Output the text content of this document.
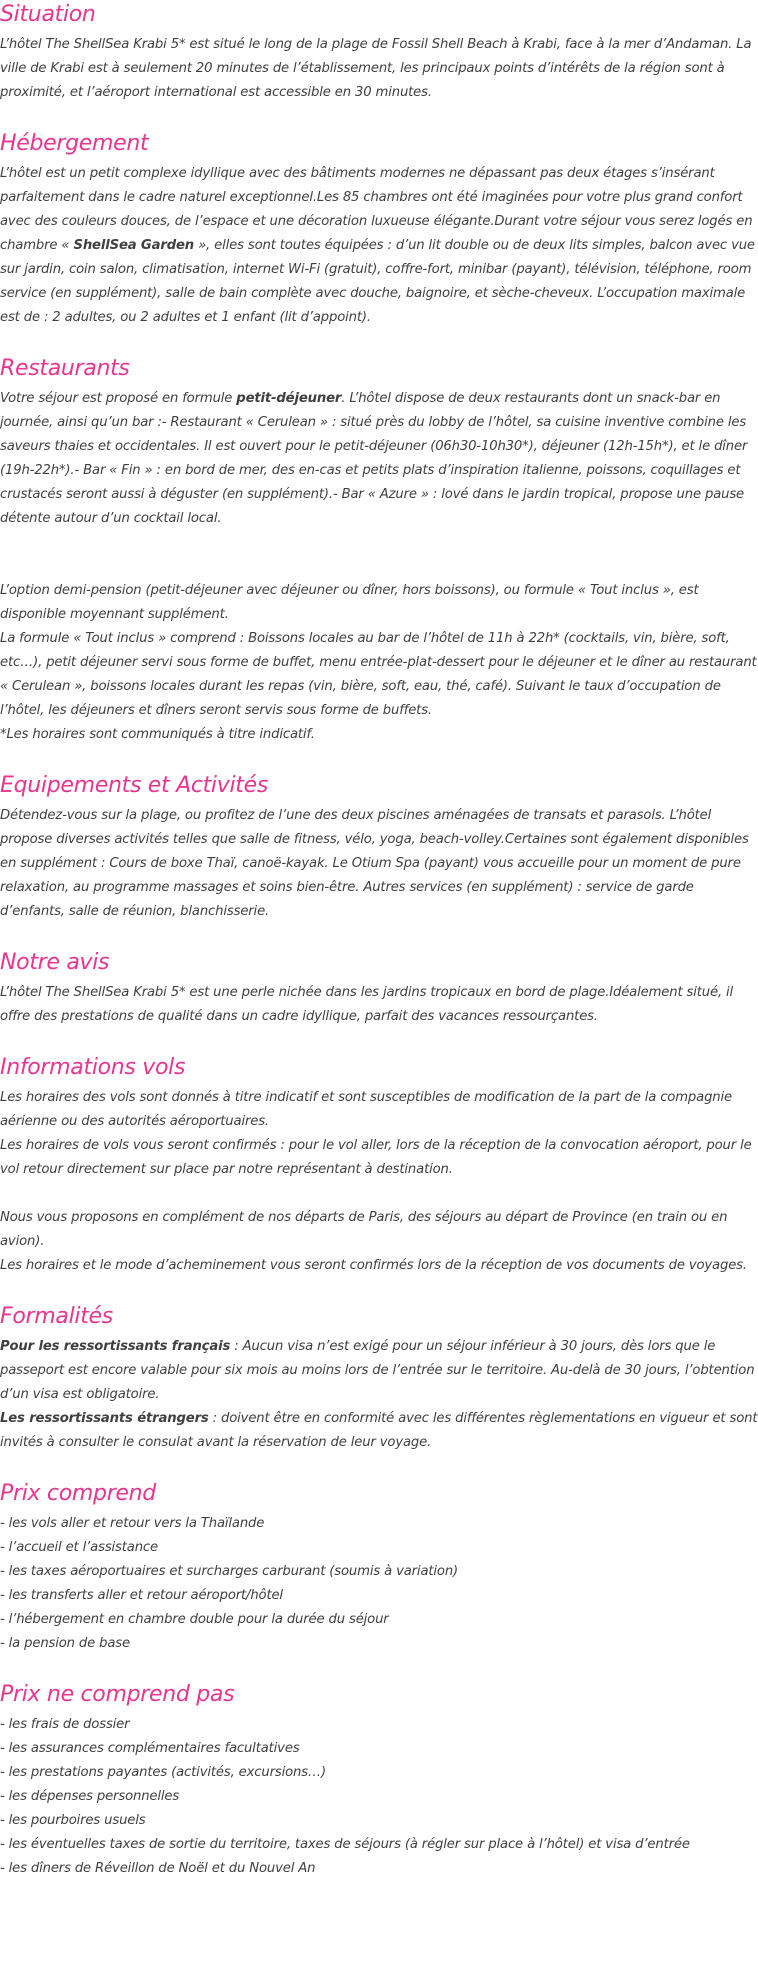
Situation

L’hôtel The ShellSea Krabi 5* est situé le long de la plage de Fossil Shell Beach à Krabi, face à la mer d’Andaman. La ville de Krabi est à seulement 20 minutes de l’établissement, les principaux points d’intérêts de la région sont à proximité, et l’aéroport international est accessible en 30 minutes.

Hébergement

L’hôtel est un petit complexe idyllique avec des bâtiments modernes ne dépassant pas deux étages s’insérant parfaitement dans le cadre naturel exceptionnel.Les 85 chambres ont été imaginées pour votre plus grand confort avec des couleurs douces, de l’espace et une décoration luxueuse élégante.Durant votre séjour vous serez logés en chambre « ShellSea Garden », elles sont toutes équipées : d’un lit double ou de deux lits simples, balcon avec vue sur jardin, coin salon, climatisation, internet Wi-Fi (gratuit), coffre-fort, minibar (payant), télévision, téléphone, room service (en supplément), salle de bain complète avec douche, baignoire, et sèche-cheveux. L’occupation maximale est de : 2 adultes, ou 2 adultes et 1 enfant (lit d’appoint).

Restaurants

Votre séjour est proposé en formule petit-déjeuner. L’hôtel dispose de deux restaurants dont un snack-bar en journée, ainsi qu’un bar :- Restaurant « Cerulean » : situé près du lobby de l’hôtel, sa cuisine inventive combine les saveurs thaies et occidentales. Il est ouvert pour le petit-déjeuner (06h30-10h30*), déjeuner (12h-15h*), et le dîner (19h-22h*).- Bar « Fin » : en bord de mer, des en-cas et petits plats d’inspiration italienne, poissons, coquillages et crustacés seront aussi à déguster (en supplément).- Bar « Azure » : lové dans le jardin tropical, propose une pause détente autour d’un cocktail local.

L’option demi-pension (petit-déjeuner avec déjeuner ou dîner, hors boissons), ou formule « Tout inclus », est disponible moyennant supplément.

La formule « Tout inclus » comprend : Boissons locales au bar de l’hôtel de 11h à 22h* (cocktails, vin, bière, soft, etc…), petit déjeuner servi sous forme de buffet, menu entrée-plat-dessert pour le déjeuner et le dîner au restaurant « Cerulean », boissons locales durant les repas (vin, bière, soft, eau, thé, café). Suivant le taux d’occupation de l’hôtel, les déjeuners et dîners seront servis sous forme de buffets.

*Les horaires sont communiqués à titre indicatif.

Equipements et Activités

Détendez-vous sur la plage, ou profitez de l’une des deux piscines aménagées de transats et parasols. L’hôtel propose diverses activités telles que salle de fitness, vélo, yoga, beach-volley.Certaines sont également disponibles en supplément : Cours de boxe Thaï, canoë-kayak. Le Otium Spa (payant) vous accueille pour un moment de pure relaxation, au programme massages et soins bien-être. Autres services (en supplément) : service de garde d’enfants, salle de réunion, blanchisserie.

Notre avis

L’hôtel The ShellSea Krabi 5* est une perle nichée dans les jardins tropicaux en bord de plage.Idéalement situé, il offre des prestations de qualité dans un cadre idyllique, parfait des vacances ressourçantes.

Informations vols

Les horaires des vols sont donnés à titre indicatif et sont susceptibles de modification de la part de la compagnie aérienne ou des autorités aéroportuaires.

Les horaires de vols vous seront confirmés : pour le vol aller, lors de la réception de la convocation aéroport, pour le vol retour directement sur place par notre représentant à destination.

Nous vous proposons en complément de nos départs de Paris, des séjours au départ de Province (en train ou en avion).

Les horaires et le mode d’acheminement vous seront confirmés lors de la réception de vos documents de voyages.

Formalités

Pour les ressortissants français : Aucun visa n’est exigé pour un séjour inférieur à 30 jours, dès lors que le passeport est encore valable pour six mois au moins lors de l’entrée sur le territoire. Au-delà de 30 jours, l’obtention d’un visa est obligatoire.

Les ressortissants étrangers : doivent être en conformité avec les différentes règlementations en vigueur et sont invités à consulter le consulat avant la réservation de leur voyage.

Prix comprend

- les vols aller et retour vers la Thaïlande

- l’accueil et l’assistance

- les taxes aéroportuaires et surcharges carburant (soumis à variation)

- les transferts aller et retour aéroport/hôtel

- l’hébergement en chambre double pour la durée du séjour

- la pension de base

Prix ne comprend pas

- les frais de dossier

- les assurances complémentaires facultatives

- les prestations payantes (activités, excursions…)

- les dépenses personnelles

- les pourboires usuels

- les éventuelles taxes de sortie du territoire, taxes de séjours (à régler sur place à l’hôtel) et visa d’entrée

- les dîners de Réveillon de Noël et du Nouvel An
